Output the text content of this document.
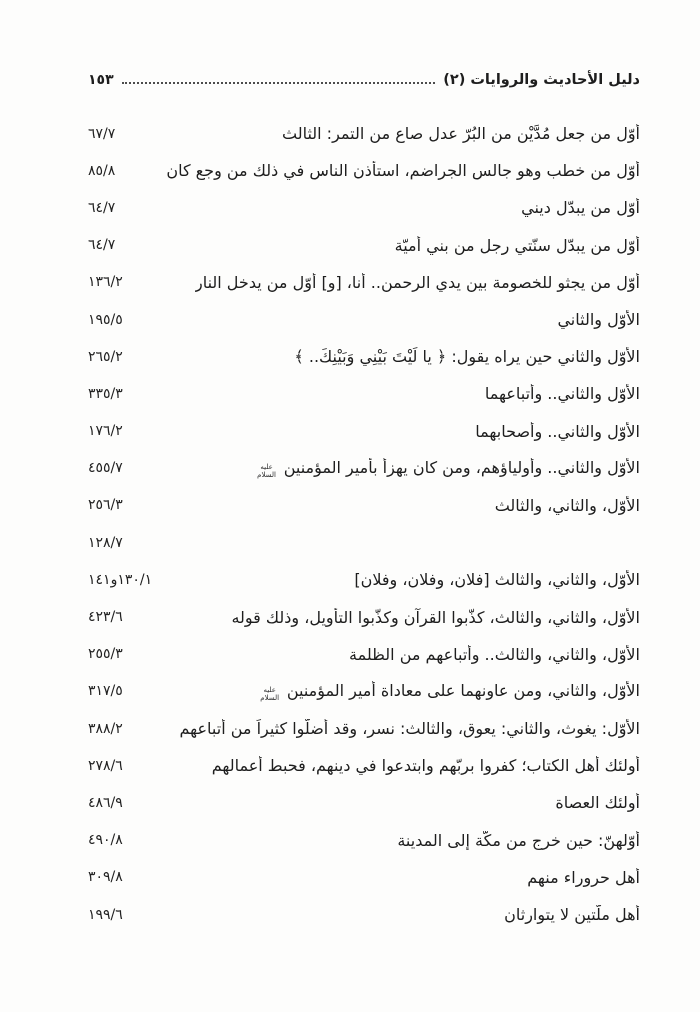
دليل الأحاديث والروايات (٢)
١٥٣
أوّل من جعل مُدَّيْنِ من البُرّ عدل صاع من التمر: الثالث
٦٧/٧
أوّل من خطب وهو جالس الجراضم، استأذن الناس في ذلك من وجع كان
٨٥/٨
أوّل من يبدّل ديني
٦٤/٧
أوّل من يبدّل سنّتي رجل من بني أُميّة
٦٤/٧
أوّل من يجثو للخصومة بين يدي الرحمن.. أنا، [و] أوّل من يدخل النار
١٣٦/٢
الأوّل والثاني
١٩٥/٥
الأوّل والثاني حين يراه يقول: ﴿ يا لَيْتَ بَيْنِي وَبَيْنِكَ.. ﴾
٢٦٥/٢
الأوّل والثاني.. وأتباعهما
٣٣٥/٣
الأوّل والثاني.. وأصحابهما
١٧٦/٢
الأوّل والثاني.. وأولياؤهم، ومن كان يهزأ بأمير المؤمنين عليه السلام
٤٥٥/٧
الأوّل، والثاني، والثالث
٢٥٦/٣
١٢٨/٧
الأوّل، والثاني، والثالث [فلان، وفلان، وفلان]
١٣٠/١و١٤١
الأوّل، والثاني، والثالث، كذّبوا القرآن وكذّبوا التأويل، وذلك قوله
٤٢٣/٦
الأوّل، والثاني، والثالث.. وأتباعهم من الظلمة
٢٥٥/٣
الأوّل، والثاني، ومن عاونهما على معاداة أمير المؤمنين عليه السلام
٣١٧/٥
الأوّل: يغوث، والثاني: يعوق، والثالث: نسر، وقد أضلّوا كثيراً من أتباعهم
٣٨٨/٢
أُولئك أهل الكتاب؛ كفروا بربّهم وابتدعوا في دينهم، فحبط أعمالهم
٢٧٨/٦
أُولئك العصاة
٤٨٦/٩
أوّلهنّ: حين خرج من مكّة إلى المدينة
٤٩٠/٨
أهل حروراء منهم
٣٠٩/٨
أهل ملّتين لا يتوارثان
١٩٩/٦
